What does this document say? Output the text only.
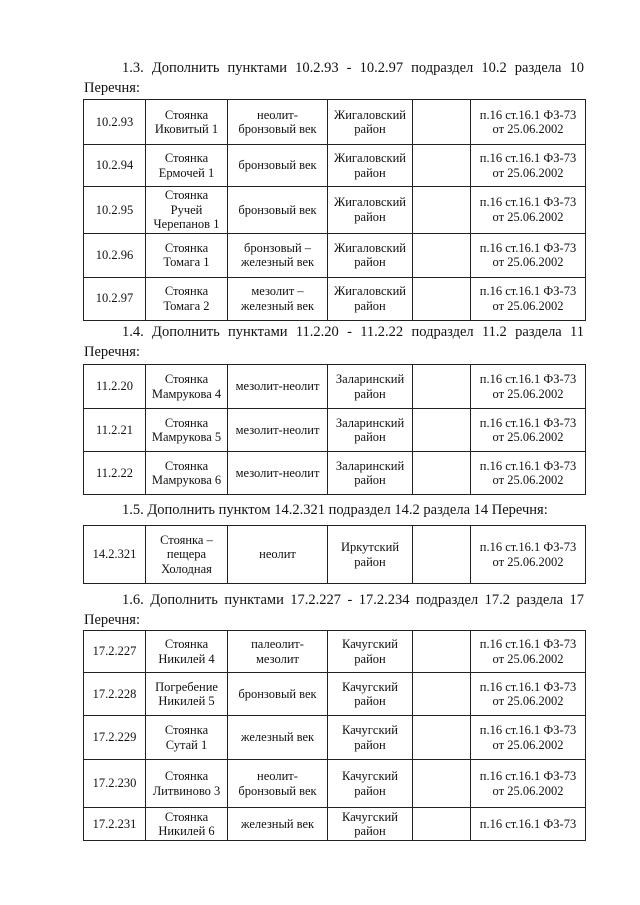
1.3. Дополнить пунктами 10.2.93 - 10.2.97 подраздел 10.2 раздела 10
Перечня:
10.2.93	Стоянка Иковитый 1	неолит-бронзовый век	Жигаловский район		п.16 ст.16.1 ФЗ-73 от 25.06.2002
10.2.94	Стоянка Ермочей 1	бронзовый век	Жигаловский район		п.16 ст.16.1 ФЗ-73 от 25.06.2002
10.2.95	Стоянка Ручей Черепанов 1	бронзовый век	Жигаловский район		п.16 ст.16.1 ФЗ-73 от 25.06.2002
10.2.96	Стоянка Томага 1	бронзовый – железный век	Жигаловский район		п.16 ст.16.1 ФЗ-73 от 25.06.2002
10.2.97	Стоянка Томага 2	мезолит – железный век	Жигаловский район		п.16 ст.16.1 ФЗ-73 от 25.06.2002
1.4. Дополнить пунктами 11.2.20 - 11.2.22 подраздел 11.2 раздела 11
Перечня:
11.2.20	Стоянка Мамрукова 4	мезолит-неолит	Заларинский район		п.16 ст.16.1 ФЗ-73 от 25.06.2002
11.2.21	Стоянка Мамрукова 5	мезолит-неолит	Заларинский район		п.16 ст.16.1 ФЗ-73 от 25.06.2002
11.2.22	Стоянка Мамрукова 6	мезолит-неолит	Заларинский район		п.16 ст.16.1 ФЗ-73 от 25.06.2002
1.5. Дополнить пунктом 14.2.321 подраздел 14.2 раздела 14 Перечня:
14.2.321	Стоянка – пещера Холодная	неолит	Иркутский район		п.16 ст.16.1 ФЗ-73 от 25.06.2002
1.6. Дополнить пунктами 17.2.227 - 17.2.234 подраздел 17.2 раздела 17
Перечня:
17.2.227	Стоянка Никилей 4	палеолит-мезолит	Качугский район		п.16 ст.16.1 ФЗ-73 от 25.06.2002
17.2.228	Погребение Никилей 5	бронзовый век	Качугский район		п.16 ст.16.1 ФЗ-73 от 25.06.2002
17.2.229	Стоянка Сутай 1	железный век	Качугский район		п.16 ст.16.1 ФЗ-73 от 25.06.2002
17.2.230	Стоянка Литвиново 3	неолит-бронзовый век	Качугский район		п.16 ст.16.1 ФЗ-73 от 25.06.2002
17.2.231	Стоянка Никилей 6	железный век	Качугский район		п.16 ст.16.1 ФЗ-73
